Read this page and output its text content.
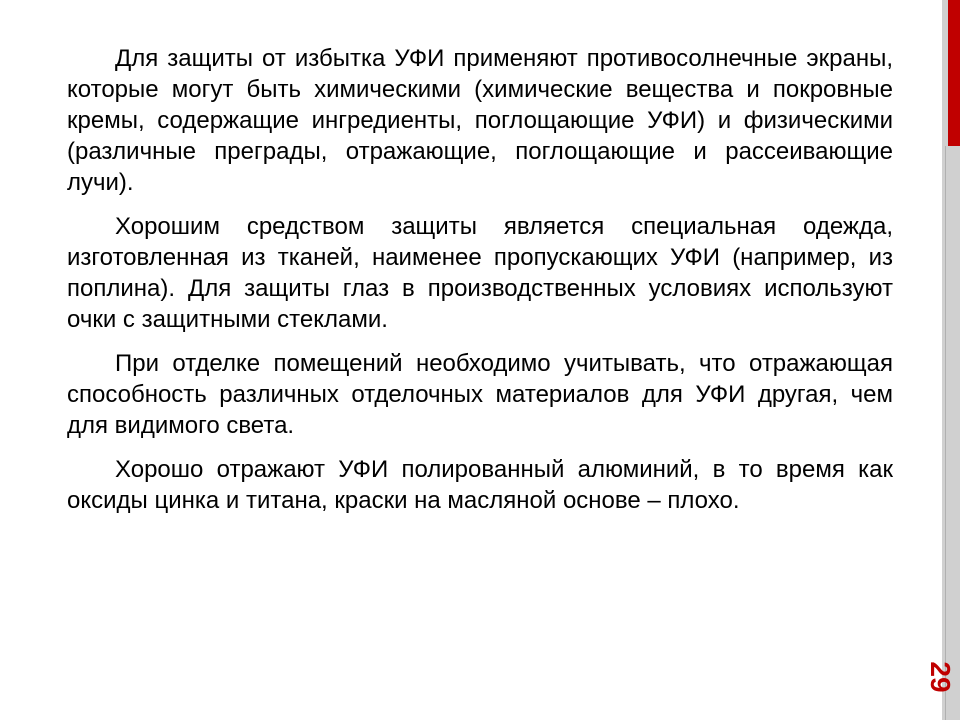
Для защиты от избытка УФИ применяют противосолнечные экраны, которые могут быть химическими (химические вещества и покровные кремы, содержащие ингредиенты, поглощающие УФИ) и физическими (различные преграды, отражающие, поглощающие и рассеивающие лучи).

Хорошим средством защиты является специальная одежда, изготовленная из тканей, наименее пропускающих УФИ (например, из поплина). Для защиты глаз в производственных условиях используют очки с защитными стеклами.

При отделке помещений необходимо учитывать, что отражающая способность различных отделочных материалов для УФИ другая, чем для видимого света.

Хорошо отражают УФИ полированный алюминий, в то время как оксиды цинка и титана, краски на масляной основе – плохо.

29
